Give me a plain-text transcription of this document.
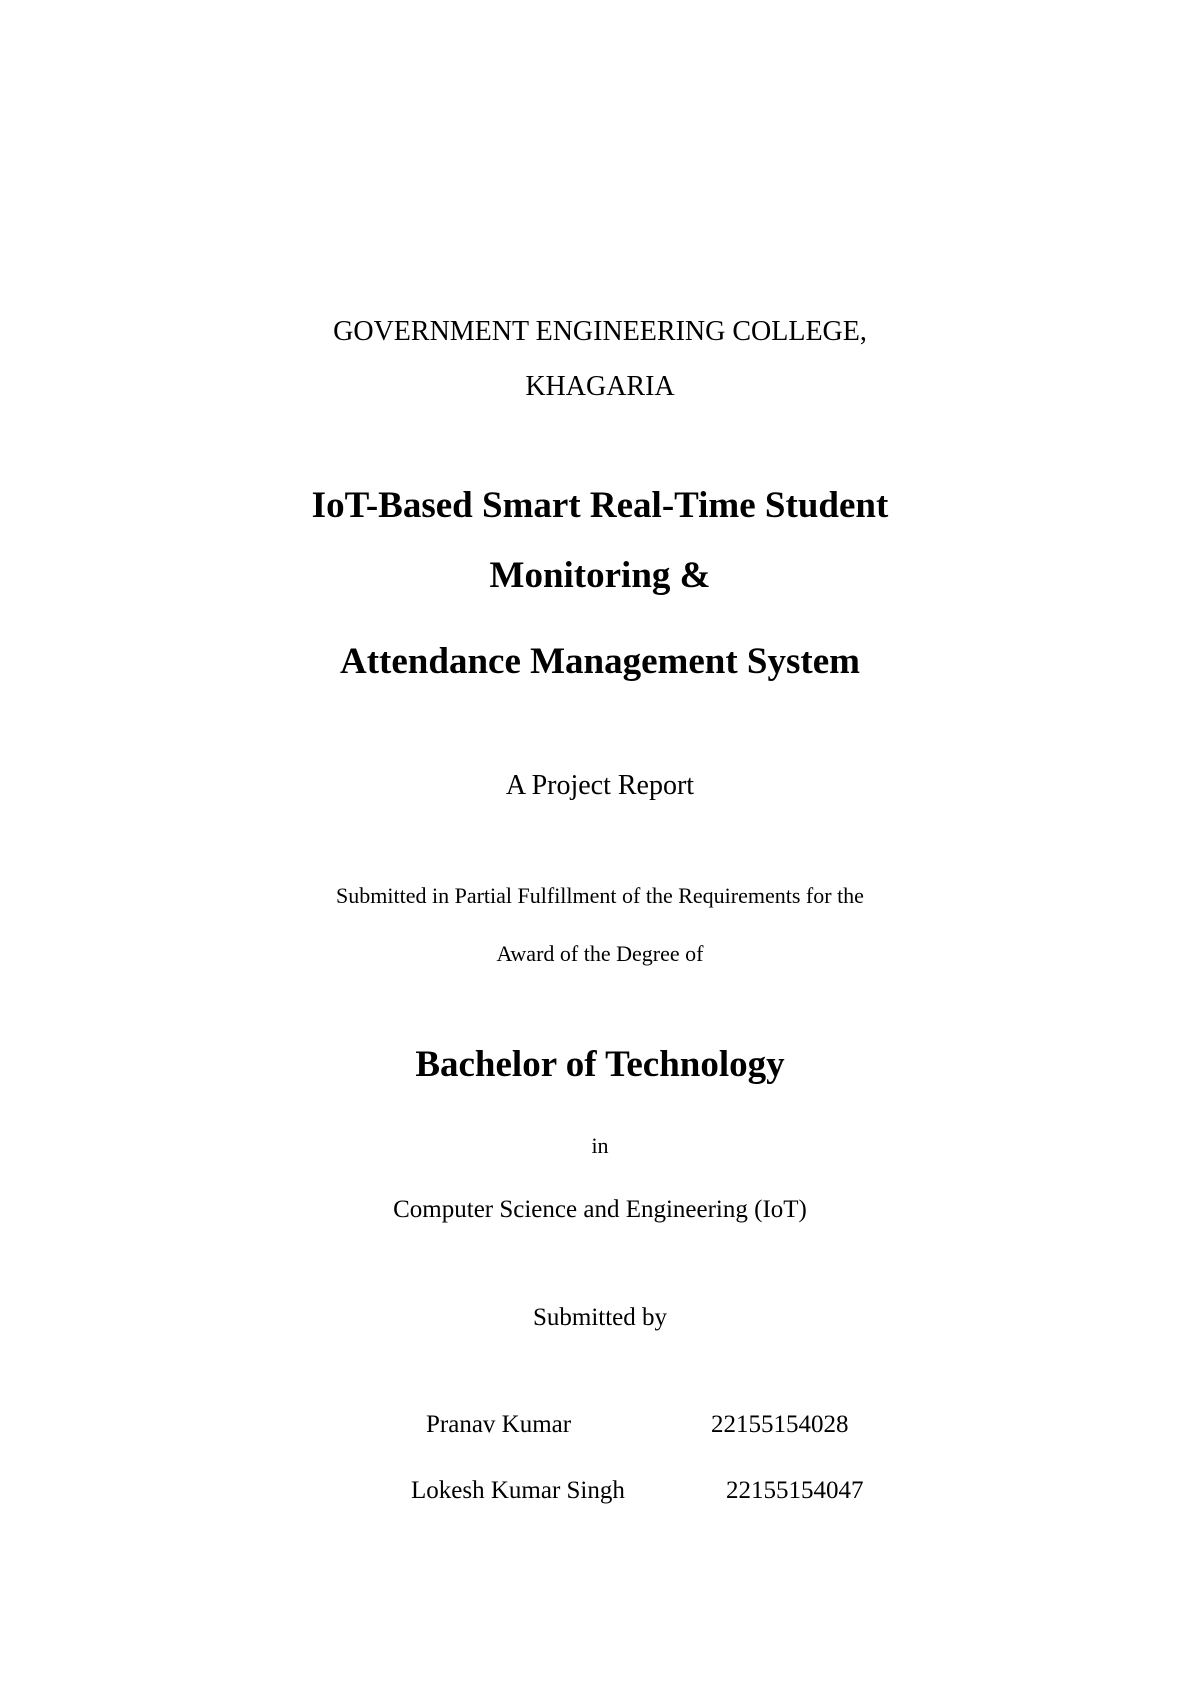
GOVERNMENT ENGINEERING COLLEGE,
KHAGARIA
IoT-Based Smart Real-Time Student
Monitoring &
Attendance Management System
A Project Report
Submitted in Partial Fulfillment of the Requirements for the
Award of the Degree of
Bachelor of Technology
in
Computer Science and Engineering (IoT)
Submitted by
Pranav Kumar	22155154028
Lokesh Kumar Singh	22155154047
